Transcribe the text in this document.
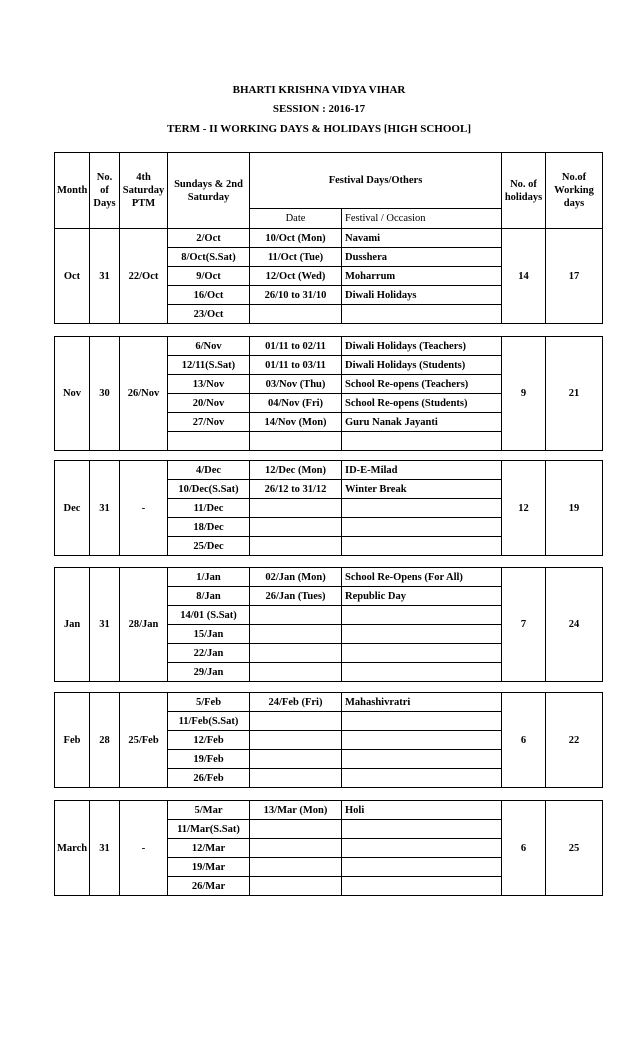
BHARTI KRISHNA VIDYA VIHAR
SESSION : 2016-17
TERM - II WORKING DAYS & HOLIDAYS [HIGH SCHOOL]
Month	No. of Days	4th Saturday PTM	Sundays & 2nd Saturday	Festival Days/Others		No. of holidays	No.of Working days
				Date	Festival / Occasion		
Oct	31	22/Oct	2/Oct	10/Oct (Mon)	Navami	14	17
			8/Oct(S.Sat)	11/Oct (Tue)	Dusshera		
			9/Oct	12/Oct (Wed)	Moharrum		
			16/Oct	26/10 to 31/10	Diwali Holidays		
			23/Oct				
Nov	30	26/Nov	6/Nov	01/11 to 02/11	Diwali Holidays (Teachers)	9	21
			12/11(S.Sat)	01/11 to 03/11	Diwali Holidays (Students)		
			13/Nov	03/Nov (Thu)	School Re-opens (Teachers)		
			20/Nov	04/Nov (Fri)	School Re-opens (Students)		
			27/Nov	14/Nov (Mon)	Guru Nanak Jayanti		

Dec	31	-	4/Dec	12/Dec (Mon)	ID-E-Milad	12	19
			10/Dec(S.Sat)	26/12 to 31/12	Winter Break		
			11/Dec				
			18/Dec				
			25/Dec				
Jan	31	28/Jan	1/Jan	02/Jan (Mon)	School Re-Opens (For All)	7	24
			8/Jan	26/Jan (Tues)	Republic Day		
			14/01 (S.Sat)				
			15/Jan				
			22/Jan				
			29/Jan				
Feb	28	25/Feb	5/Feb	24/Feb (Fri)	Mahashivratri	6	22
			11/Feb(S.Sat)				
			12/Feb				
			19/Feb				
			26/Feb				
March	31	-	5/Mar	13/Mar (Mon)	Holi	6	25
			11/Mar(S.Sat)				
			12/Mar				
			19/Mar				
			26/Mar				
